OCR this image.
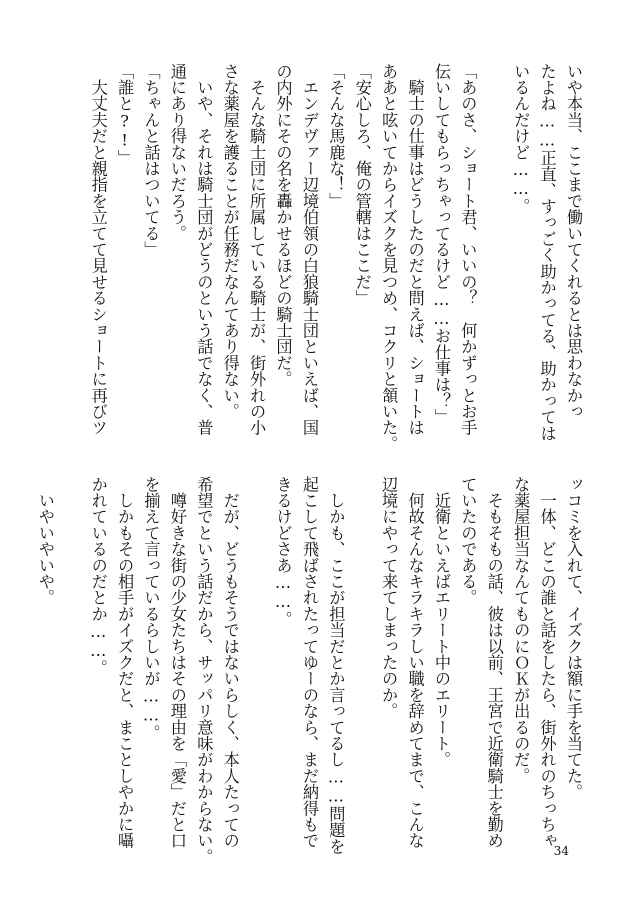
いや本当、ここまで働いてくれるとは思わなかっ
たよね……正直、すっごく助かってる、助かっては
いるんだけど……。
「あのさ、ショート君、いいの？　何かずっとお手
伝いしてもらっちゃってるけど……お仕事は？」
　騎士の仕事はどうしたのだと問えば、ショートは
ああと呟いてからイズクを見つめ、コクリと頷いた。
「安心しろ、俺の管轄はここだ」
「そんな馬鹿な！」
　エンデヴァー辺境伯領の白狼騎士団といえば、国
の内外にその名を轟かせるほどの騎士団だ。
　そんな騎士団に所属している騎士が、街外れの小
さな薬屋を護ることが任務だなんてあり得ない。
　いや、それは騎士団がどうのという話でなく、普
通にあり得ないだろう。
「ちゃんと話はついてる」
「誰と?!」
　大丈夫だと親指を立てて見せるショートに再びツ
ッコミを入れて、イズクは額に手を当てた。
　一体、どこの誰と話をしたら、街外れのちっちゃ
な薬屋担当なんてものにＯＫが出るのだ。
　そもそもの話、彼は以前、王宮で近衛騎士を勤め
ていたのである。
　近衛といえばエリート中のエリート。
　何故そんなキラキラしい職を辞めてまで、こんな
辺境にやって来てしまったのか。
　しかも、ここが担当だとか言ってるし……問題を
起こして飛ばされたってゆーのなら、まだ納得もで
きるけどさあ……。
　だが、どうもそうではないらしく、本人たっての
希望でという話だから、サッパリ意味がわからない。
　噂好きな街の少女たちはその理由を「愛」だと口
を揃えて言っているらしいが……。
　しかもその相手がイズクだと、まことしやかに囁
かれているのだとか……。
　いやいやいや。
34
